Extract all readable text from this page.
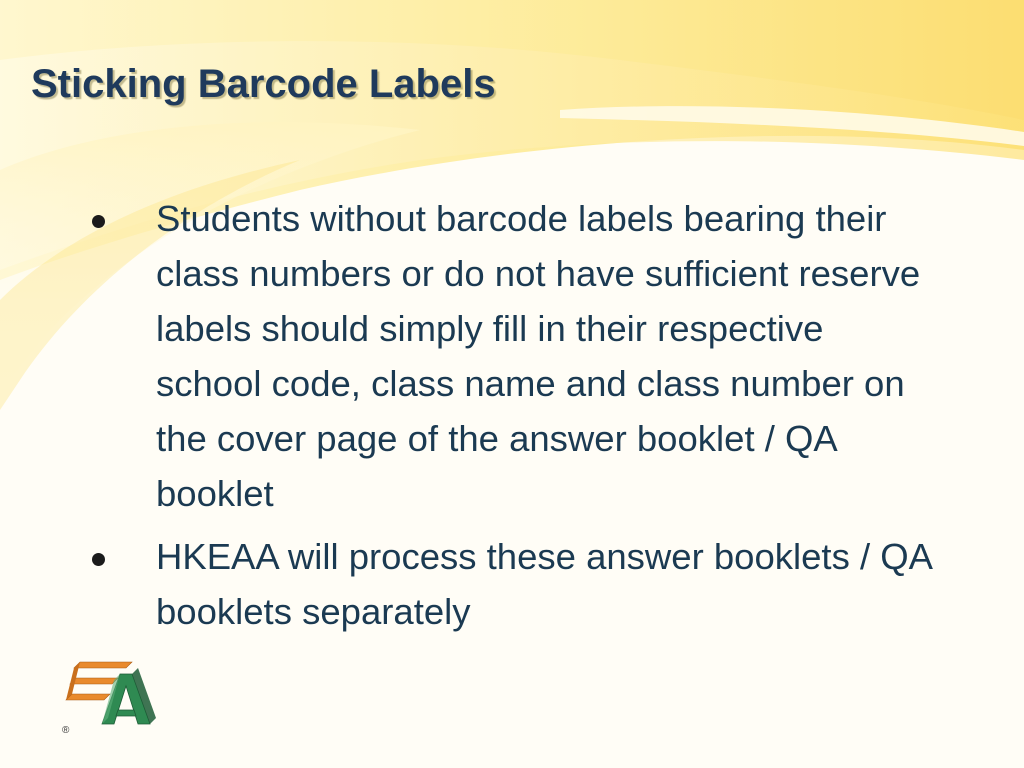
Sticking Barcode Labels
Students without barcode labels bearing their class numbers or do not have sufficient reserve labels should simply fill in their respective school code, class name and class number on the cover page of the answer booklet / QA booklet
HKEAA will process these answer booklets / QA booklets separately
®
